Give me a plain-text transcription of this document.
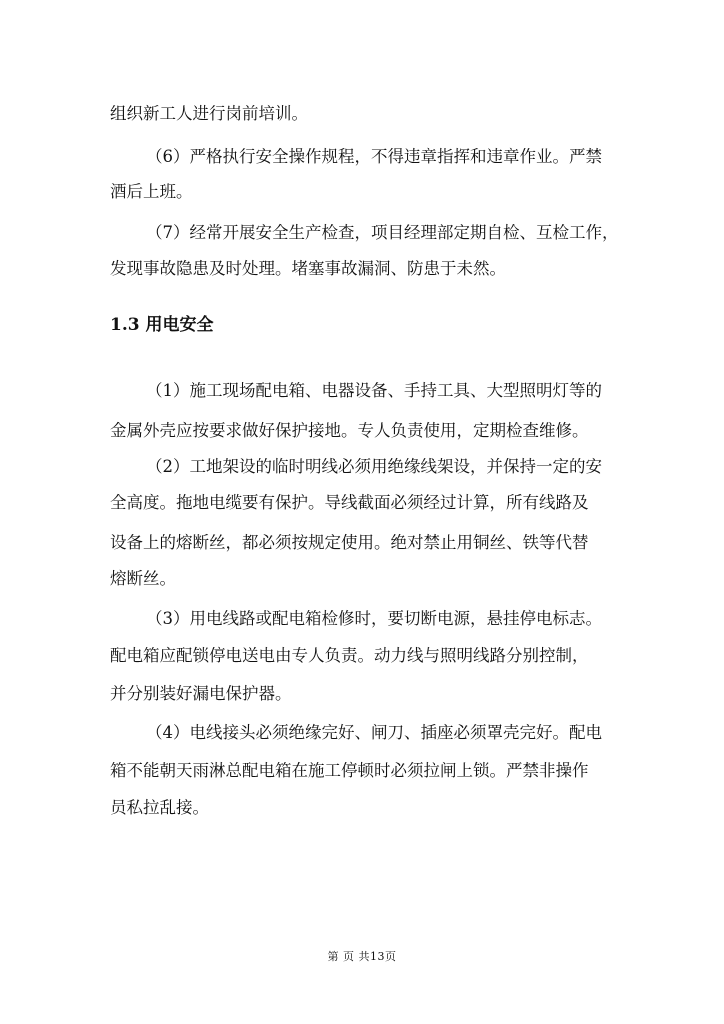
组织新工人进行岗前培训。
（6）严格执行安全操作规程，不得违章指挥和违章作业。严禁
酒后上班。
（7）经常开展安全生产检查，项目经理部定期自检、互检工作，
发现事故隐患及时处理。堵塞事故漏洞、防患于未然。
1.3 用电安全
（1）施工现场配电箱、电器设备、手持工具、大型照明灯等的
金属外壳应按要求做好保护接地。专人负责使用，定期检查维修。
（2）工地架设的临时明线必须用绝缘线架设，并保持一定的安
全高度。拖地电缆要有保护。导线截面必须经过计算，所有线路及
设备上的熔断丝，都必须按规定使用。绝对禁止用铜丝、铁等代替
熔断丝。
（3）用电线路或配电箱检修时，要切断电源，悬挂停电标志。
配电箱应配锁停电送电由专人负责。动力线与照明线路分别控制，
并分别装好漏电保护器。
（4）电线接头必须绝缘完好、闸刀、插座必须罩壳完好。配电
箱不能朝天雨淋总配电箱在施工停顿时必须拉闸上锁。严禁非操作
员私拉乱接。
第 页 共13页
